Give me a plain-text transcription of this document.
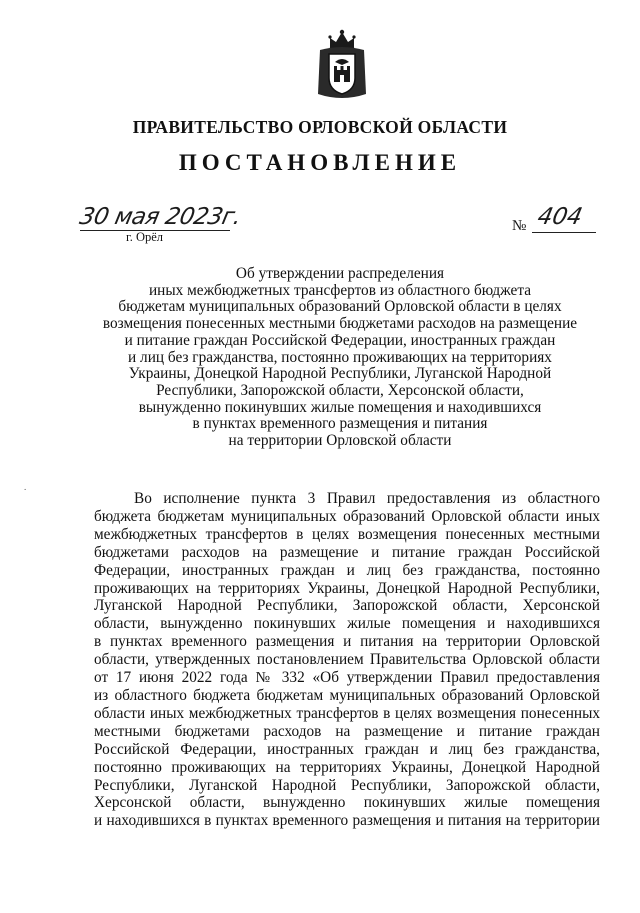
ПРАВИТЕЛЬСТВО ОРЛОВСКОЙ ОБЛАСТИ
ПОСТАНОВЛЕНИЕ
30 мая 2023г.
г. Орёл
№ 404
Об утверждении распределения
иных межбюджетных трансфертов из областного бюджета
бюджетам муниципальных образований Орловской области в целях
возмещения понесенных местными бюджетами расходов на размещение
и питание граждан Российской Федерации, иностранных граждан
и лиц без гражданства, постоянно проживающих на территориях
Украины, Донецкой Народной Республики, Луганской Народной
Республики, Запорожской области, Херсонской области,
вынужденно покинувших жилые помещения и находившихся
в пунктах временного размещения и питания
на территории Орловской области
.
Во исполнение пункта 3 Правил предоставления из областного
бюджета бюджетам муниципальных образований Орловской области иных
межбюджетных трансфертов в целях возмещения понесенных местными
бюджетами расходов на размещение и питание граждан Российской
Федерации, иностранных граждан и лиц без гражданства, постоянно
проживающих на территориях Украины, Донецкой Народной Республики,
Луганской Народной Республики, Запорожской области, Херсонской
области, вынужденно покинувших жилые помещения и находившихся
в пунктах временного размещения и питания на территории Орловской
области, утвержденных постановлением Правительства Орловской области
от 17 июня 2022 года № 332 «Об утверждении Правил предоставления
из областного бюджета бюджетам муниципальных образований Орловской
области иных межбюджетных трансфертов в целях возмещения понесенных
местными бюджетами расходов на размещение и питание граждан
Российской Федерации, иностранных граждан и лиц без гражданства,
постоянно проживающих на территориях Украины, Донецкой Народной
Республики, Луганской Народной Республики, Запорожской области,
Херсонской области, вынужденно покинувших жилые помещения
и находившихся в пунктах временного размещения и питания на территории
